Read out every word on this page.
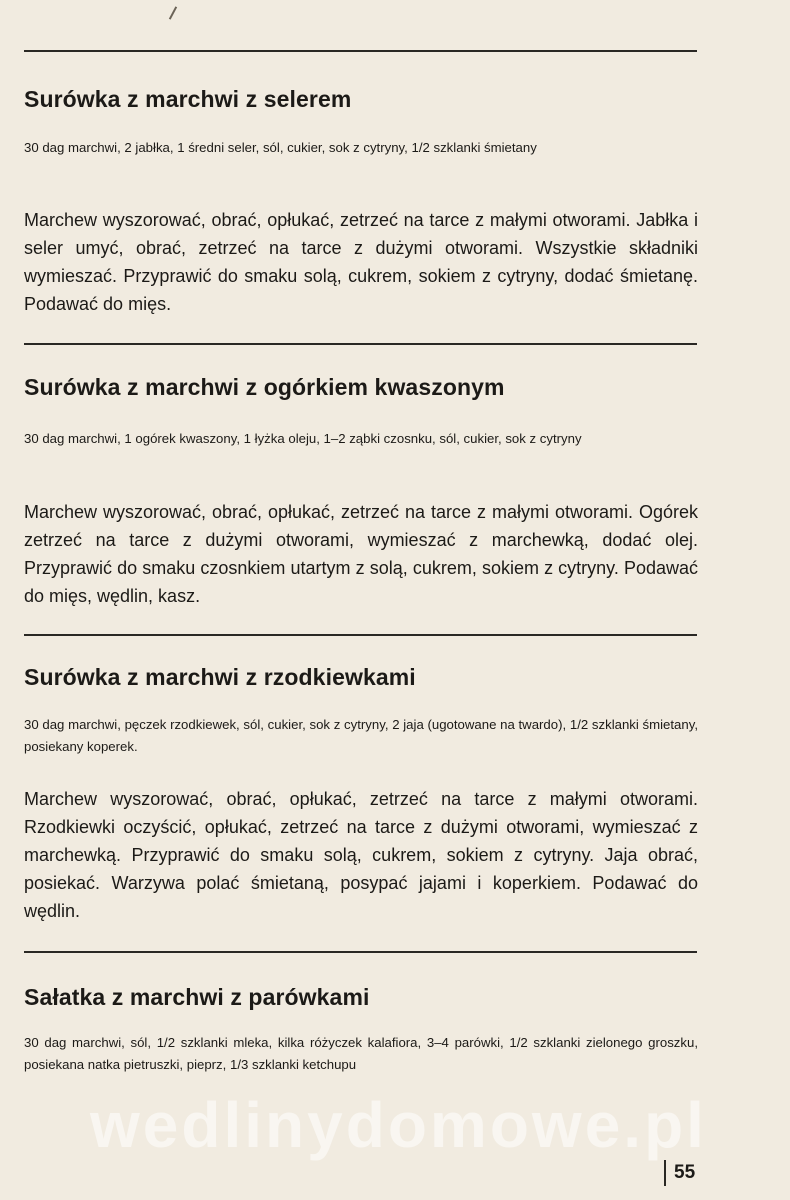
Surówka z marchwi z selerem

30 dag marchwi, 2 jabłka, 1 średni seler, sól, cukier, sok z cytryny, 1/2 szklanki śmietany

Marchew wyszorować, obrać, opłukać, zetrzeć na tarce z małymi otworami. Jabłka i seler umyć, obrać, zetrzeć na tarce z dużymi otworami. Wszystkie składniki wymieszać. Przyprawić do smaku solą, cukrem, sokiem z cytryny, dodać śmietanę. Podawać do mięs.

Surówka z marchwi z ogórkiem kwaszonym

30 dag marchwi, 1 ogórek kwaszony, 1 łyżka oleju, 1–2 ząbki czosnku, sól, cukier, sok z cytryny

Marchew wyszorować, obrać, opłukać, zetrzeć na tarce z małymi otworami. Ogórek zetrzeć na tarce z dużymi otworami, wymieszać z marchewką, dodać olej. Przyprawić do smaku czosnkiem utartym z solą, cukrem, sokiem z cytryny. Podawać do mięs, wędlin, kasz.

Surówka z marchwi z rzodkiewkami

30 dag marchwi, pęczek rzodkiewek, sól, cukier, sok z cytryny, 2 jaja (ugotowane na twardo), 1/2 szklanki śmietany, posiekany koperek.

Marchew wyszorować, obrać, opłukać, zetrzeć na tarce z małymi otworami. Rzodkiewki oczyścić, opłukać, zetrzeć na tarce z dużymi otworami, wymieszać z marchewką. Przyprawić do smaku solą, cukrem, sokiem z cytryny. Jaja obrać, posiekać. Warzywa polać śmietaną, posypać jajami i koperkiem. Podawać do wędlin.

Sałatka z marchwi z parówkami

30 dag marchwi, sól, 1/2 szklanki mleka, kilka różyczek kalafiora, 3–4 parówki, 1/2 szklanki zielonego groszku, posiekana natka pietruszki, pieprz, 1/3 szklanki ketchupu

wedlinydomowe.pl
55
